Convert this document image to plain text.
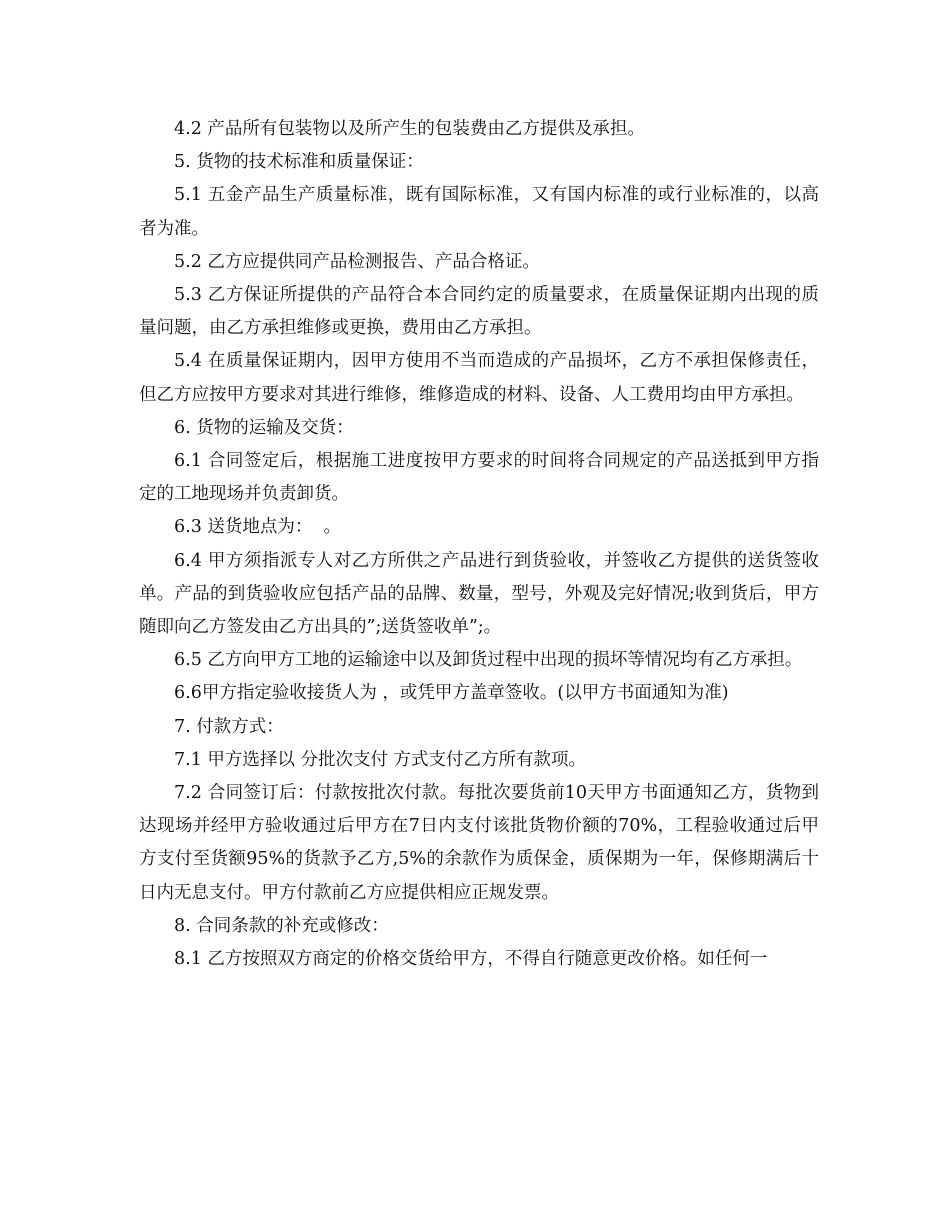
4.2 产品所有包装物以及所产生的包装费由乙方提供及承担。

5. 货物的技术标准和质量保证：

5.1 五金产品生产质量标准，既有国际标准，又有国内标准的或行业标准的，以高者为准。

5.2 乙方应提供同产品检测报告、产品合格证。

5.3 乙方保证所提供的产品符合本合同约定的质量要求，在质量保证期内出现的质量问题，由乙方承担维修或更换，费用由乙方承担。

5.4 在质量保证期内，因甲方使用不当而造成的产品损坏，乙方不承担保修责任，但乙方应按甲方要求对其进行维修，维修造成的材料、设备、人工费用均由甲方承担。

6. 货物的运输及交货：

6.1 合同签定后，根据施工进度按甲方要求的时间将合同规定的产品送抵到甲方指定的工地现场并负责卸货。

6.3 送货地点为：  。

6.4 甲方须指派专人对乙方所供之产品进行到货验收，并签收乙方提供的送货签收单。产品的到货验收应包括产品的品牌、数量，型号，外观及完好情况;收到货后，甲方随即向乙方签发由乙方出具的”;送货签收单”;。

6.5 乙方向甲方工地的运输途中以及卸货过程中出现的损坏等情况均有乙方承担。

6.6甲方指定验收接货人为 ，或凭甲方盖章签收。(以甲方书面通知为准)

7. 付款方式：

7.1 甲方选择以 分批次支付 方式支付乙方所有款项。

7.2 合同签订后：付款按批次付款。每批次要货前10天甲方书面通知乙方，货物到达现场并经甲方验收通过后甲方在7日内支付该批货物价额的70%，工程验收通过后甲方支付至货额95%的货款予乙方,5%的余款作为质保金，质保期为一年，保修期满后十日内无息支付。甲方付款前乙方应提供相应正规发票。

8. 合同条款的补充或修改：

8.1 乙方按照双方商定的价格交货给甲方，不得自行随意更改价格。如任何一
